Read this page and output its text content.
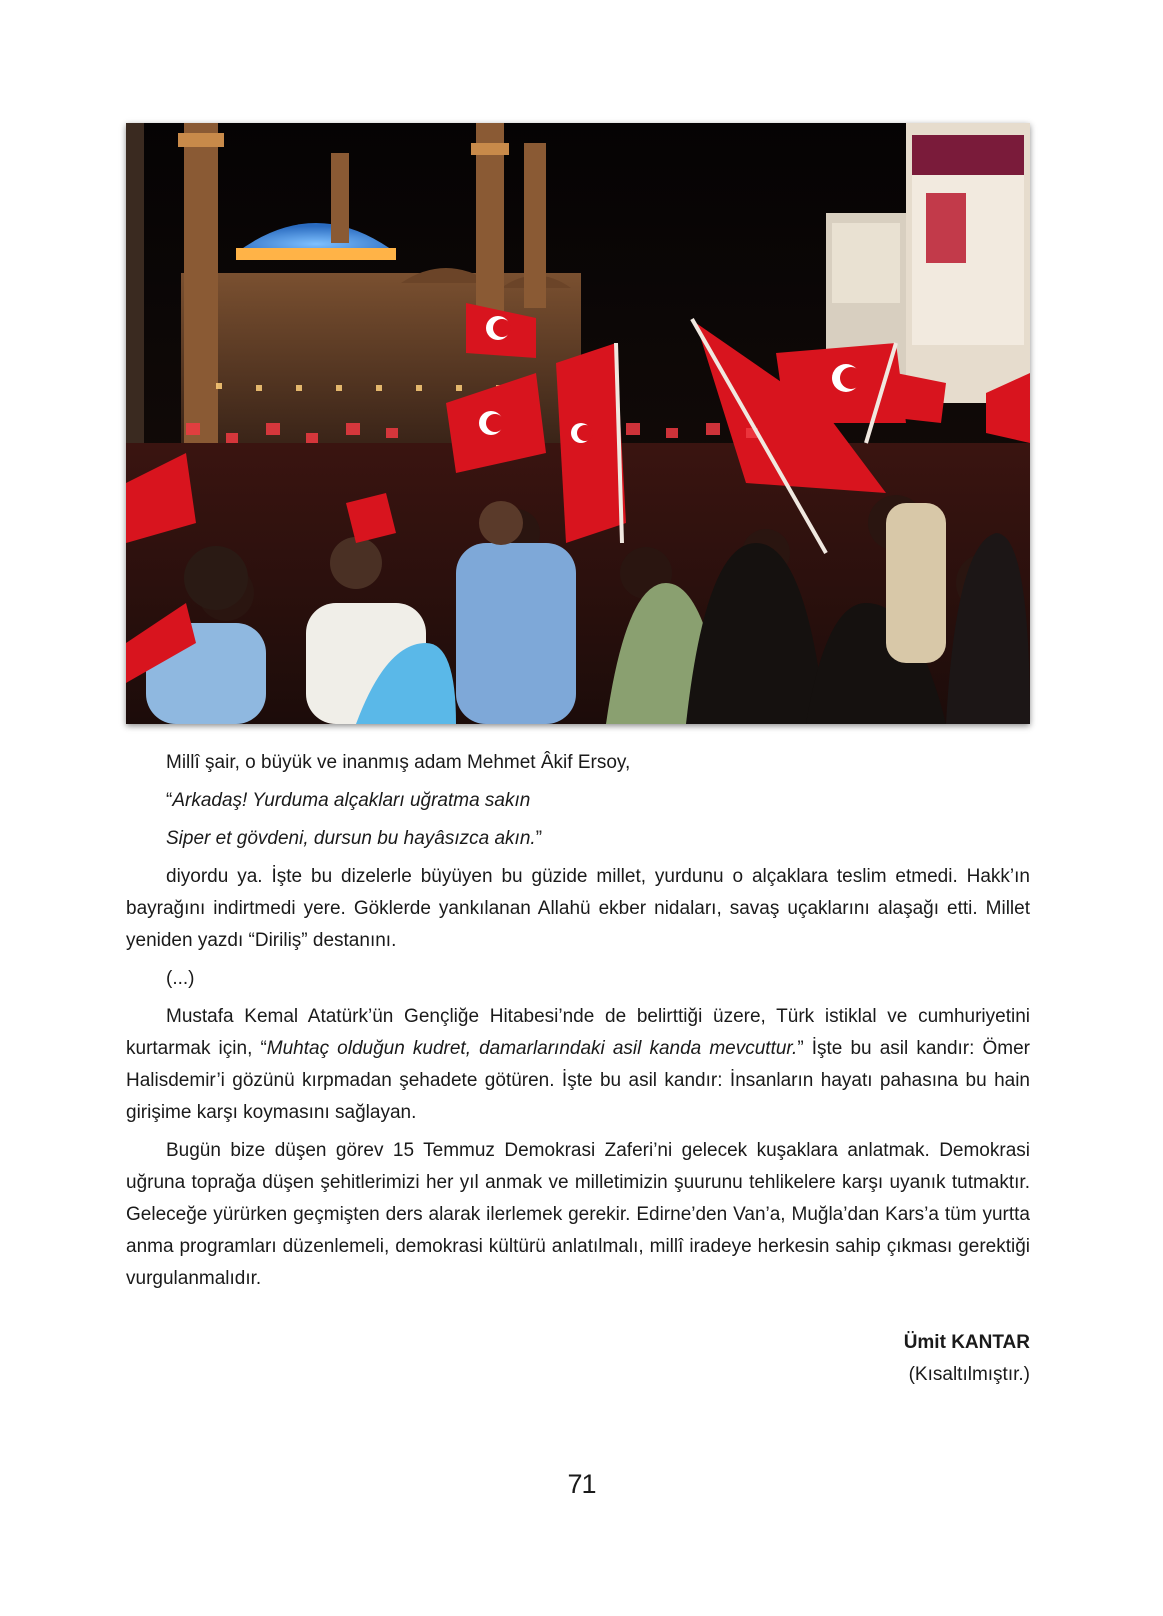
Millî şair, o büyük ve inanmış adam Mehmet Âkif Ersoy,

“Arkadaş! Yurduma alçakları uğratma sakın

Siper et gövdeni, dursun bu hayâsızca akın.”

diyordu ya. İşte bu dizelerle büyüyen bu güzide millet, yurdunu o alçaklara teslim etmedi. Hakk’ın bayrağını indirtmedi yere. Göklerde yankılanan Allahü ekber nidaları, savaş uçaklarını alaşağı etti. Millet yeniden yazdı “Diriliş” destanını.

(...)

Mustafa Kemal Atatürk’ün Gençliğe Hitabesi’nde de belirttiği üzere, Türk istiklal ve cumhuriyetini kurtarmak için, “Muhtaç olduğun kudret, damarlarındaki asil kanda mevcuttur.” İşte bu asil kandır: Ömer Halisdemir’i gözünü kırpmadan şehadete götüren. İşte bu asil kandır: İnsanların hayatı pahasına bu hain girişime karşı koymasını sağlayan.

Bugün bize düşen görev 15 Temmuz Demokrasi Zaferi’ni gelecek kuşaklara anlatmak. Demokrasi uğruna toprağa düşen şehitlerimizi her yıl anmak ve milletimizin şuurunu tehlikelere karşı uyanık tutmaktır. Geleceğe yürürken geçmişten ders alarak ilerlemek gerekir. Edirne’den Van’a, Muğla’dan Kars’a tüm yurtta anma programları düzenlemeli, demokrasi kültürü anlatılmalı, millî iradeye herkesin sahip çıkması gerektiği vurgulanmalıdır.

Ümit KANTAR
(Kısaltılmıştır.)
71
